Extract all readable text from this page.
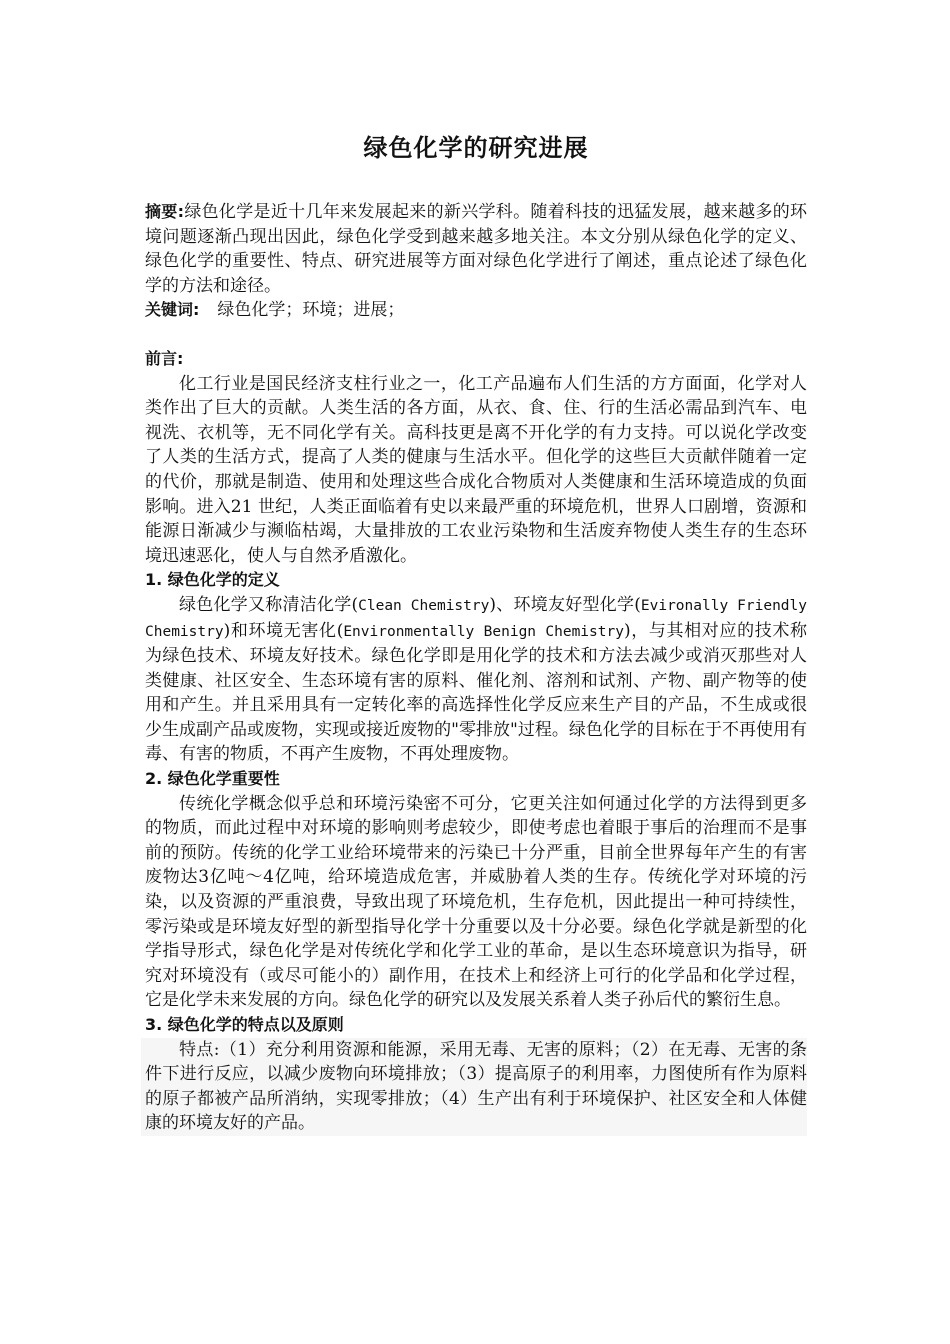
绿色化学的研究进展

摘要:绿色化学是近十几年来发展起来的新兴学科。随着科技的迅猛发展，越来越多的环境问题逐渐凸现出因此，绿色化学受到越来越多地关注。本文分别从绿色化学的定义、绿色化学的重要性、特点、研究进展等方面对绿色化学进行了阐述，重点论述了绿色化学的方法和途径。

关键词: 绿色化学；环境；进展；

前言:

化工行业是国民经济支柱行业之一，化工产品遍布人们生活的方方面面，化学对人类作出了巨大的贡献。人类生活的各方面，从衣、食、住、行的生活必需品到汽车、电视洗、衣机等，无不同化学有关。高科技更是离不开化学的有力支持。可以说化学改变了人类的生活方式，提高了人类的健康与生活水平。但化学的这些巨大贡献伴随着一定的代价，那就是制造、使用和处理这些合成化合物质对人类健康和生活环境造成的负面影响。进入21 世纪，人类正面临着有史以来最严重的环境危机，世界人口剧增，资源和能源日渐减少与濒临枯竭，大量排放的工农业污染物和生活废弃物使人类生存的生态环境迅速恶化，使人与自然矛盾激化。

1. 绿色化学的定义

绿色化学又称清洁化学(Clean Chemistry)、环境友好型化学(Evironally Friendly Chemistry)和环境无害化(Environmentally Benign Chemistry)，与其相对应的技术称为绿色技术、环境友好技术。绿色化学即是用化学的技术和方法去减少或消灭那些对人类健康、社区安全、生态环境有害的原料、催化剂、溶剂和试剂、产物、副产物等的使用和产生。并且采用具有一定转化率的高选择性化学反应来生产目的产品，不生成或很少生成副产品或废物，实现或接近废物的"零排放"过程。绿色化学的目标在于不再使用有毒、有害的物质，不再产生废物，不再处理废物。

2. 绿色化学重要性

传统化学概念似乎总和环境污染密不可分，它更关注如何通过化学的方法得到更多的物质，而此过程中对环境的影响则考虑较少，即使考虑也着眼于事后的治理而不是事前的预防。传统的化学工业给环境带来的污染已十分严重，目前全世界每年产生的有害废物达3亿吨～4亿吨，给环境造成危害，并威胁着人类的生存。传统化学对环境的污染，以及资源的严重浪费，导致出现了环境危机，生存危机，因此提出一种可持续性，零污染或是环境友好型的新型指导化学十分重要以及十分必要。绿色化学就是新型的化学指导形式，绿色化学是对传统化学和化学工业的革命，是以生态环境意识为指导，研究对环境没有（或尽可能小的）副作用，在技术上和经济上可行的化学品和化学过程，它是化学未来发展的方向。绿色化学的研究以及发展关系着人类子孙后代的繁衍生息。

3. 绿色化学的特点以及原则

特点:（1）充分利用资源和能源，采用无毒、无害的原料；（2）在无毒、无害的条件下进行反应，以减少废物向环境排放；（3）提高原子的利用率，力图使所有作为原料的原子都被产品所消纳，实现零排放；（4）生产出有利于环境保护、社区安全和人体健康的环境友好的产品。
